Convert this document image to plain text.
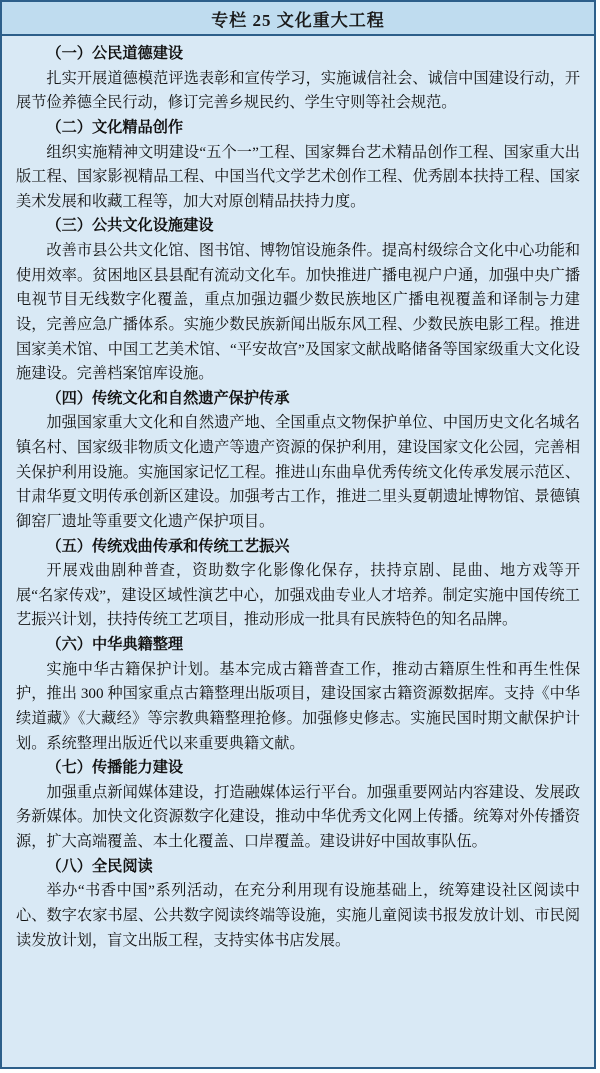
专栏 25 文化重大工程
（一）公民道德建设
扎实开展道德模范评选表彰和宣传学习，实施诚信社会、诚信中国建设行动，开展节俭养德全民行动，修订完善乡规民约、学生守则等社会规范。
（二）文化精品创作
组织实施精神文明建设“五个一”工程、国家舞台艺术精品创作工程、国家重大出版工程、国家影视精品工程、中国当代文学艺术创作工程、优秀剧本扶持工程、国家美术发展和收藏工程等，加大对原创精品扶持力度。
（三）公共文化设施建设
改善市县公共文化馆、图书馆、博物馆设施条件。提高村级综合文化中心功能和使用效率。贫困地区县县配有流动文化车。加快推进广播电视户户通，加强中央广播电视节目无线数字化覆盖，重点加强边疆少数民族地区广播电视覆盖和译制능力建设，完善应急广播体系。实施少数民族新闻出版东风工程、少数民族电影工程。推进国家美术馆、中国工艺美术馆、“平安故宫”及国家文献战略储备等国家级重大文化设施建设。完善档案馆库设施。
（四）传统文化和自然遗产保护传承
加强国家重大文化和自然遗产地、全国重点文物保护单位、中国历史文化名城名镇名村、国家级非物质文化遗产等遗产资源的保护利用，建设国家文化公园，完善相关保护利用设施。实施国家记忆工程。推进山东曲阜优秀传统文化传承发展示范区、甘肃华夏文明传承创新区建设。加强考古工作，推进二里头夏朝遗址博物馆、景德镇御窑厂遗址等重要文化遗产保护项目。
（五）传统戏曲传承和传统工艺振兴
开展戏曲剧种普查，资助数字化影像化保存，扶持京剧、昆曲、地方戏等开展“名家传戏”，建设区域性演艺中心，加强戏曲专业人才培养。制定实施中国传统工艺振兴计划，扶持传统工艺项目，推动形成一批具有民族特色的知名品牌。
（六）中华典籍整理
实施中华古籍保护计划。基本完成古籍普查工作，推动古籍原生性和再生性保护，推出 300 种国家重点古籍整理出版项目，建设国家古籍资源数据库。支持《中华续道藏》《大藏经》等宗教典籍整理抢修。加强修史修志。实施民国时期文献保护计划。系统整理出版近代以来重要典籍文献。
（七）传播能力建设
加强重点新闻媒体建设，打造融媒体运行平台。加强重要网站内容建设、发展政务新媒体。加快文化资源数字化建设，推动中华优秀文化网上传播。统筹对外传播资源，扩大高端覆盖、本土化覆盖、口岸覆盖。建设讲好中国故事队伍。
（八）全民阅读
举办“书香中国”系列活动，在充分利用现有设施基础上，统筹建设社区阅读中心、数字农家书屋、公共数字阅读终端等设施，实施儿童阅读书报发放计划、市民阅读发放计划，盲文出版工程，支持实体书店发展。
